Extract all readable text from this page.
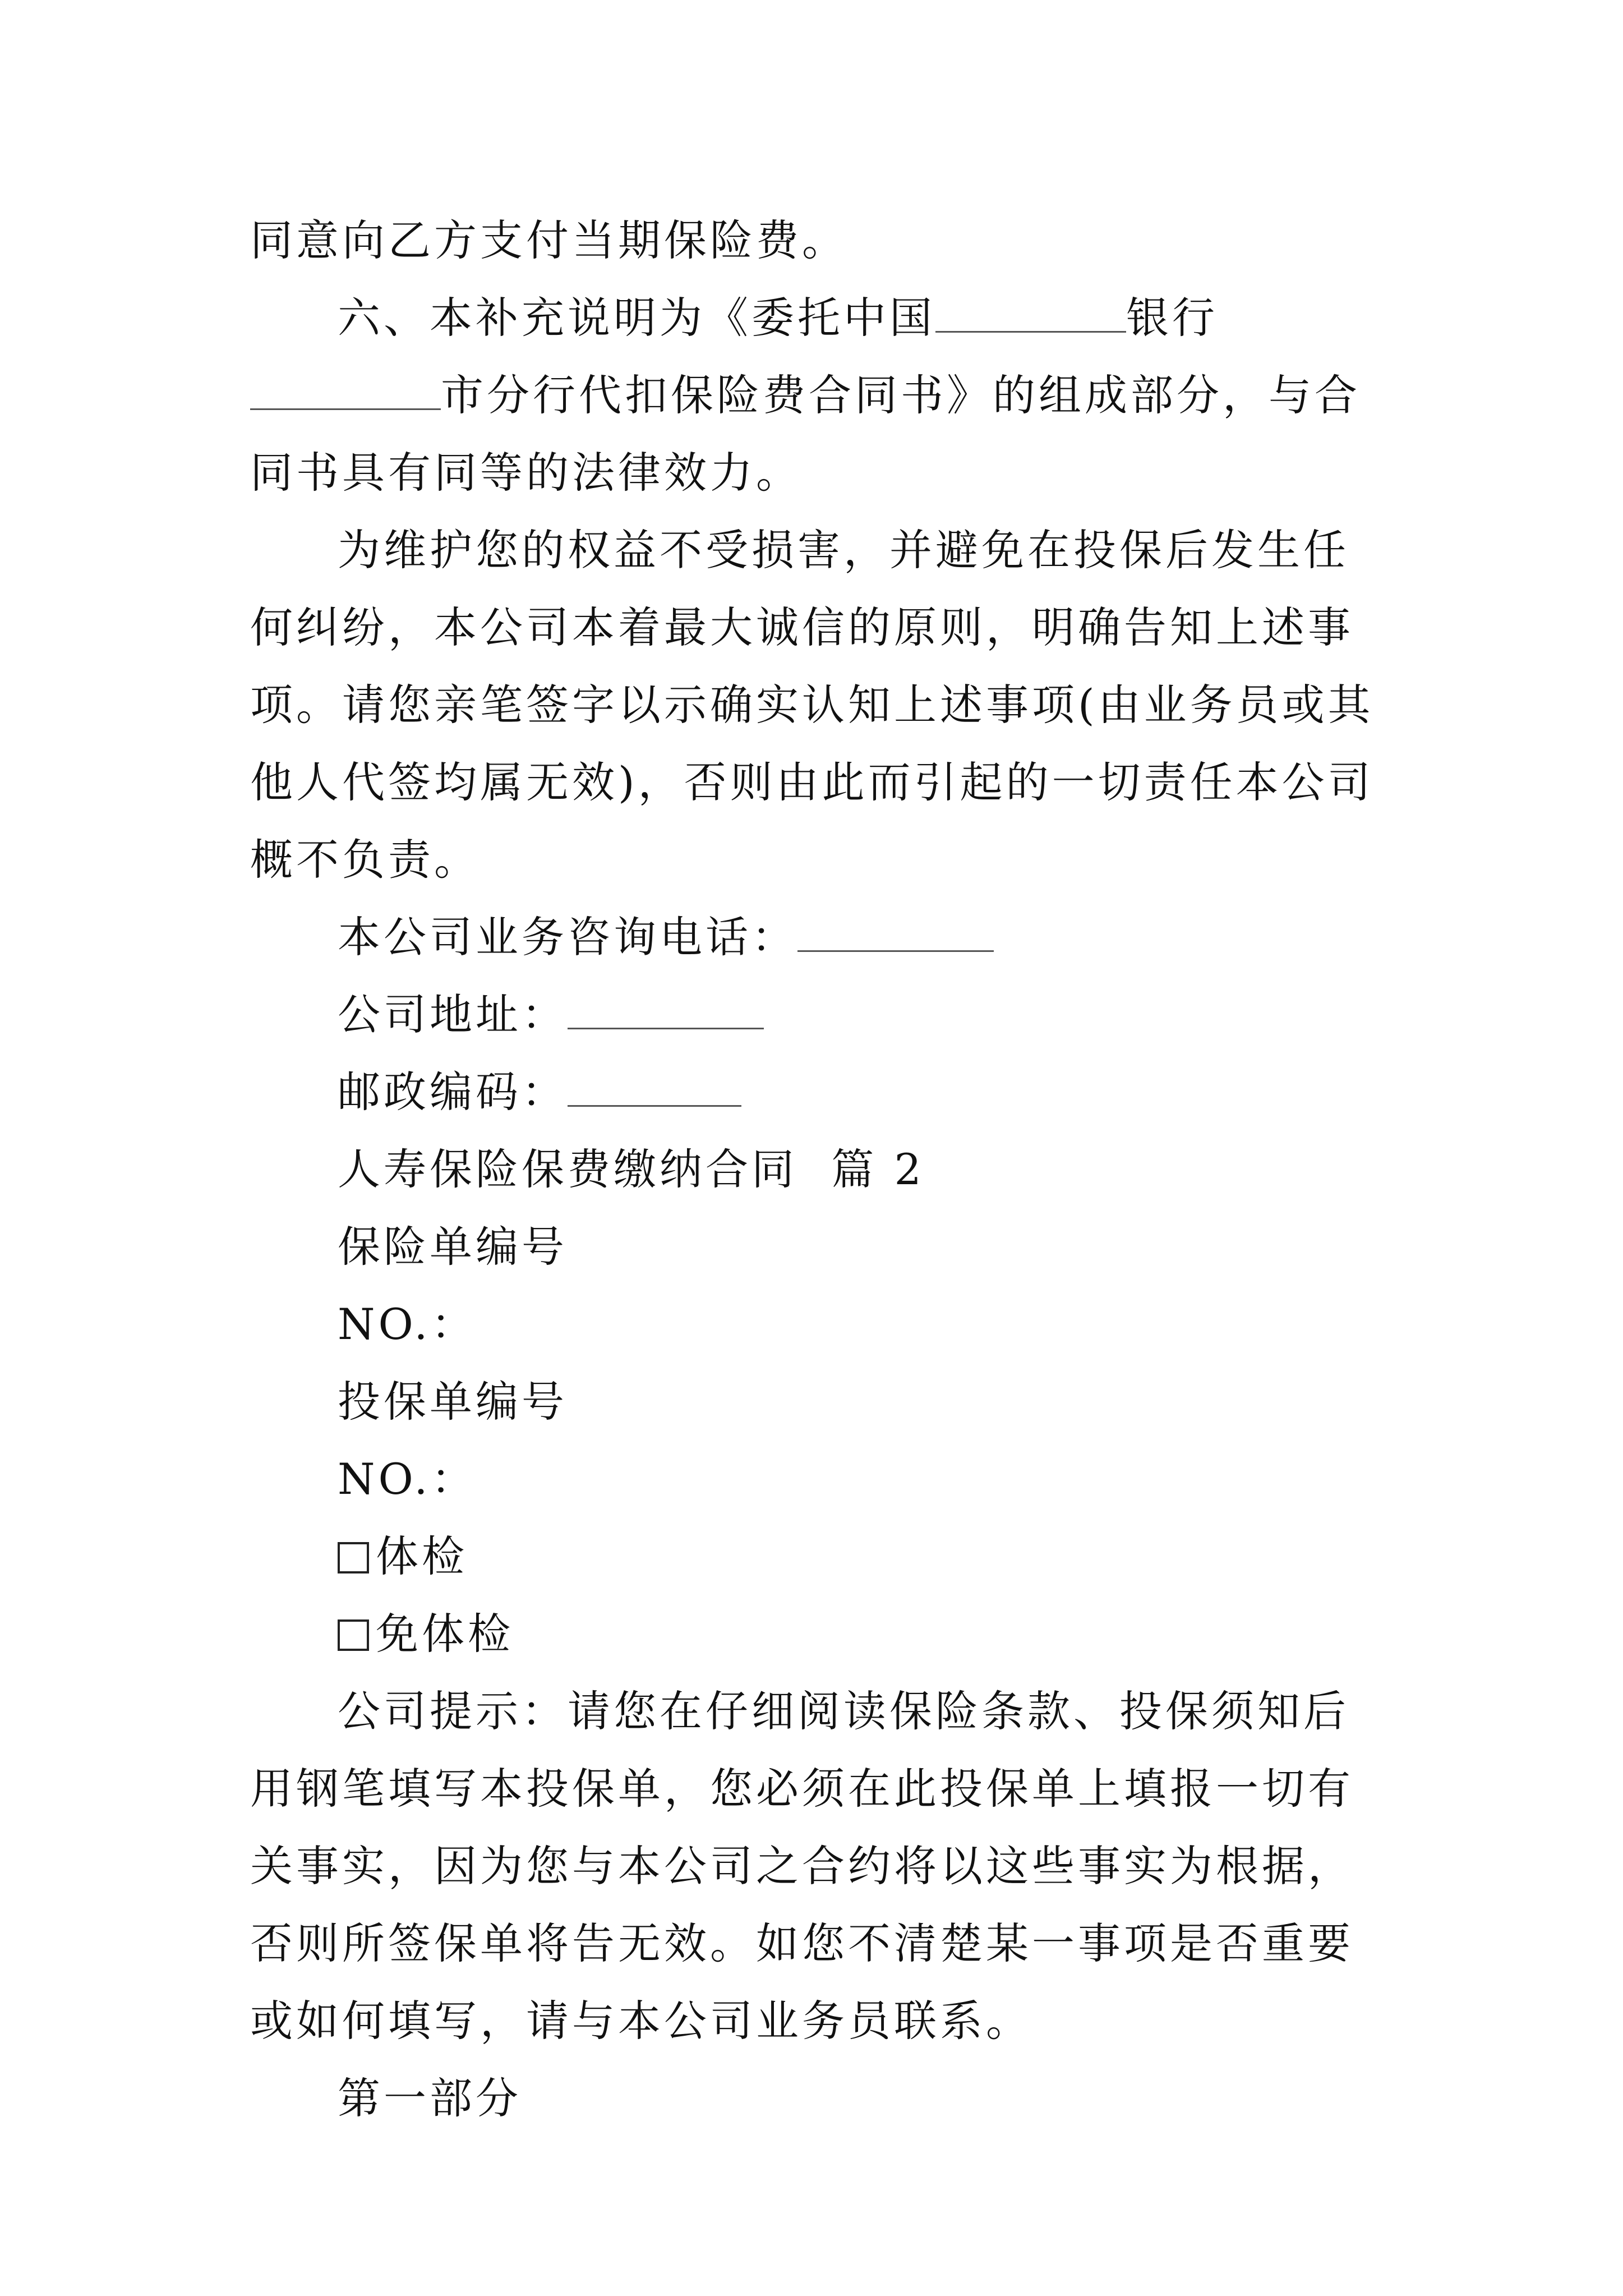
同意向乙方支付当期保险费。

六、本补充说明为《委托中国	银行市分行代扣保险费合同书》的组成部分，与合同书具有同等的法律效力。

为维护您的权益不受损害，并避免在投保后发生任何纠纷，本公司本着最大诚信的原则，明确告知上述事项。请您亲笔签字以示确实认知上述事项(由业务员或其他人代签均属无效)，否则由此而引起的一切责任本公司概不负责。

本公司业务咨询电话：

公司地址：

邮政编码：

人寿保险保费缴纳合同  篇 2

保险单编号

NO.：

投保单编号

NO.：

体检

免体检

公司提示：请您在仔细阅读保险条款、投保须知后用钢笔填写本投保单，您必须在此投保单上填报一切有关事实，因为您与本公司之合约将以这些事实为根据，否则所签保单将告无效。如您不清楚某一事项是否重要或如何填写，请与本公司业务员联系。

第一部分
